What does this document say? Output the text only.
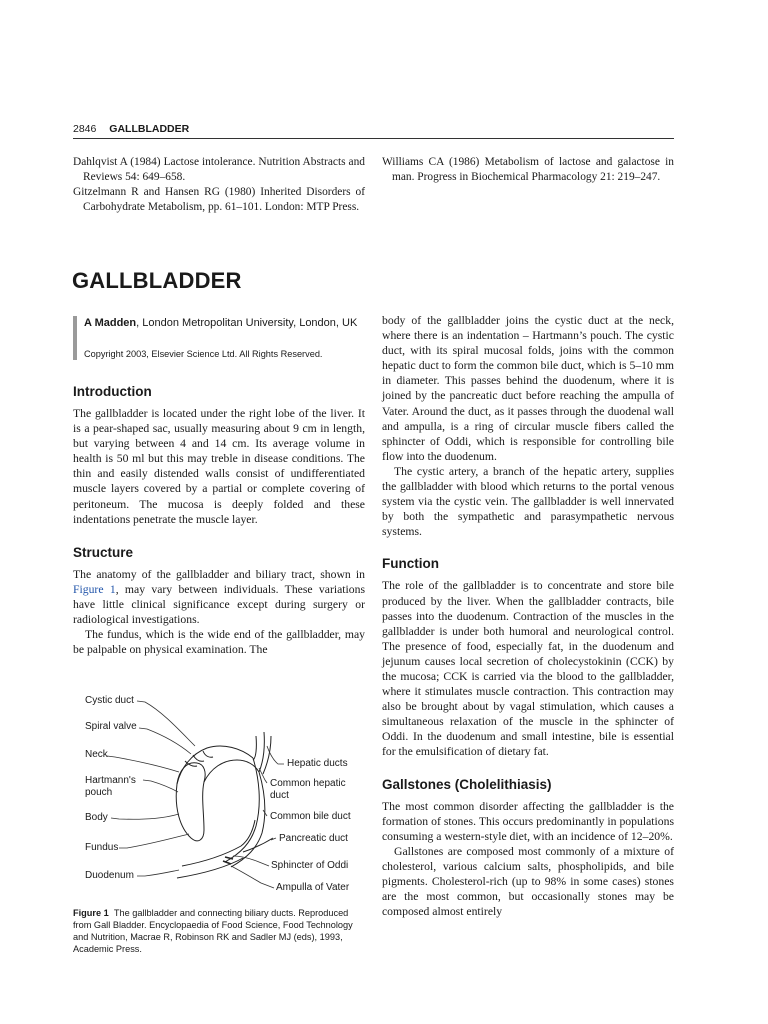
2846 GALLBLADDER

Dahlqvist A (1984) Lactose intolerance. Nutrition Abstracts and Reviews 54: 649–658.

Gitzelmann R and Hansen RG (1980) Inherited Disorders of Carbohydrate Metabolism, pp. 61–101. London: MTP Press.

Williams CA (1986) Metabolism of lactose and galactose in man. Progress in Biochemical Pharmacology 21: 219–247.

GALLBLADDER
A Madden, London Metropolitan University, London, UK
Copyright 2003, Elsevier Science Ltd. All Rights Reserved.
Introduction

The gallbladder is located under the right lobe of the liver. It is a pear-shaped sac, usually measuring about 9 cm in length, but varying between 4 and 14 cm. Its average volume in health is 50 ml but this may treble in disease conditions. The thin and easily distended walls consist of undifferentiated muscle layers covered by a partial or complete covering of peritoneum. The mucosa is deeply folded and these indentations penetrate the muscle layer.

Structure

The anatomy of the gallbladder and biliary tract, shown in Figure 1, may vary between individuals. These variations have little clinical significance except during surgery or radiological investigations.

The fundus, which is the wide end of the gallbladder, may be palpable on physical examination. The

Cystic duct
Spiral valve
Neck
Hartmann's pouch
Body
Fundus
Duodenum
Hepatic ducts
Common hepatic duct
Common bile duct
Pancreatic duct
Sphincter of Oddi
Ampulla of Vater
Figure 1 The gallbladder and connecting biliary ducts. Reproduced from Gall Bladder. Encyclopaedia of Food Science, Food Technology and Nutrition, Macrae R, Robinson RK and Sadler MJ (eds), 1993, Academic Press.

body of the gallbladder joins the cystic duct at the neck, where there is an indentation – Hartmann’s pouch. The cystic duct, with its spiral mucosal folds, joins with the common hepatic duct to form the common bile duct, which is 5–10 mm in diameter. This passes behind the duodenum, where it is joined by the pancreatic duct before reaching the ampulla of Vater. Around the duct, as it passes through the duodenal wall and ampulla, is a ring of circular muscle fibers called the sphincter of Oddi, which is responsible for controlling bile flow into the duodenum.

The cystic artery, a branch of the hepatic artery, supplies the gallbladder with blood which returns to the portal venous system via the cystic vein. The gallbladder is well innervated by both the sympathetic and parasympathetic nervous systems.

Function

The role of the gallbladder is to concentrate and store bile produced by the liver. When the gallbladder contracts, bile passes into the duodenum. Contraction of the muscles in the gallbladder is under both humoral and neurological control. The presence of food, especially fat, in the duodenum and jejunum causes local secretion of cholecystokinin (CCK) by the mucosa; CCK is carried via the blood to the gallbladder, where it stimulates muscle contraction. This contraction may also be brought about by vagal stimulation, which causes a simultaneous relaxation of the muscle in the sphincter of Oddi. In the duodenum and small intestine, bile is essential for the emulsification of dietary fat.

Gallstones (Cholelithiasis)

The most common disorder affecting the gallbladder is the formation of stones. This occurs predominantly in populations consuming a western-style diet, with an incidence of 12–20%.

Gallstones are composed most commonly of a mixture of cholesterol, various calcium salts, phospholipids, and bile pigments. Cholesterol-rich (up to 98% in some cases) stones are the most common, but occasionally stones may be composed almost entirely
